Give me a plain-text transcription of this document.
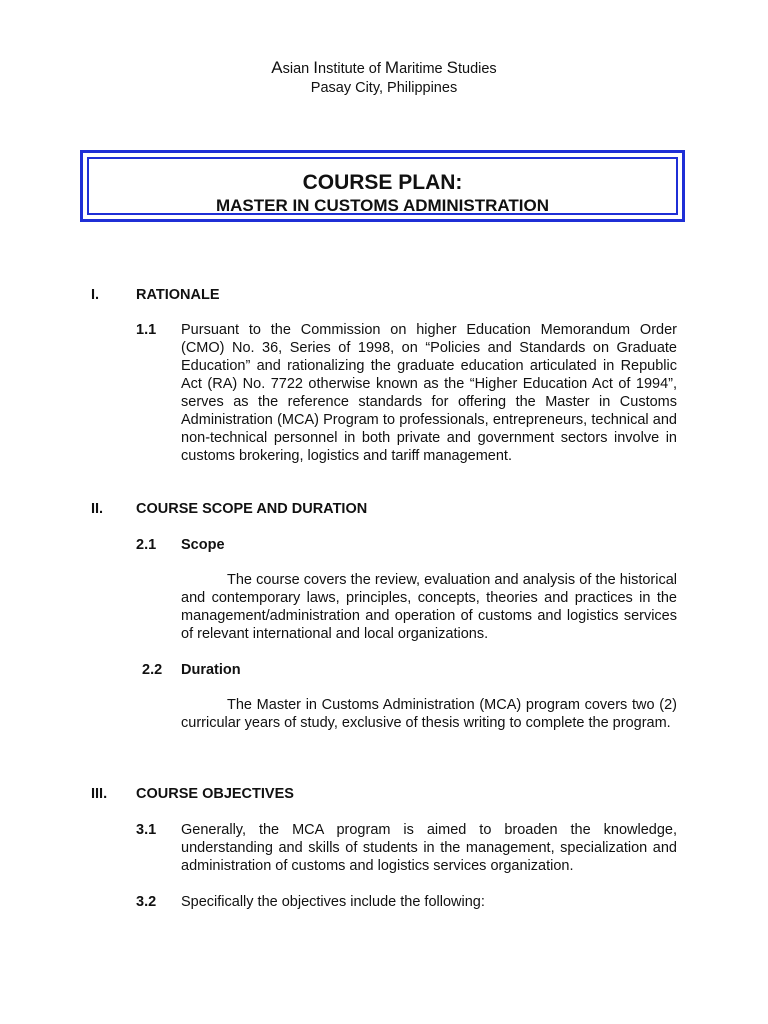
Asian Institute of Maritime Studies
Pasay City, Philippines
COURSE PLAN:
MASTER IN CUSTOMS ADMINISTRATION
I.	RATIONALE
1.1 Pursuant to the Commission on higher Education Memorandum Order (CMO) No. 36, Series of 1998, on “Policies and Standards on Graduate Education” and rationalizing the graduate education articulated in Republic Act (RA) No. 7722 otherwise known as the “Higher Education Act of 1994”, serves as the reference standards for offering the Master in Customs Administration (MCA) Program to professionals, entrepreneurs, technical and non-technical personnel in both private and government sectors involve in customs brokering, logistics and tariff management.
II. COURSE SCOPE AND DURATION
2.1 Scope
The course covers the review, evaluation and analysis of the historical and contemporary laws, principles, concepts, theories and practices in the management/administration and operation of customs and logistics services of relevant international and local organizations.
2.2 Duration
The Master in Customs Administration (MCA) program covers two (2) curricular years of study, exclusive of thesis writing to complete the program.
III. COURSE OBJECTIVES
3.1 Generally, the MCA program is aimed to broaden the knowledge, understanding and skills of students in the management, specialization and administration of customs and logistics services organization.
3.2 Specifically the objectives include the following:
